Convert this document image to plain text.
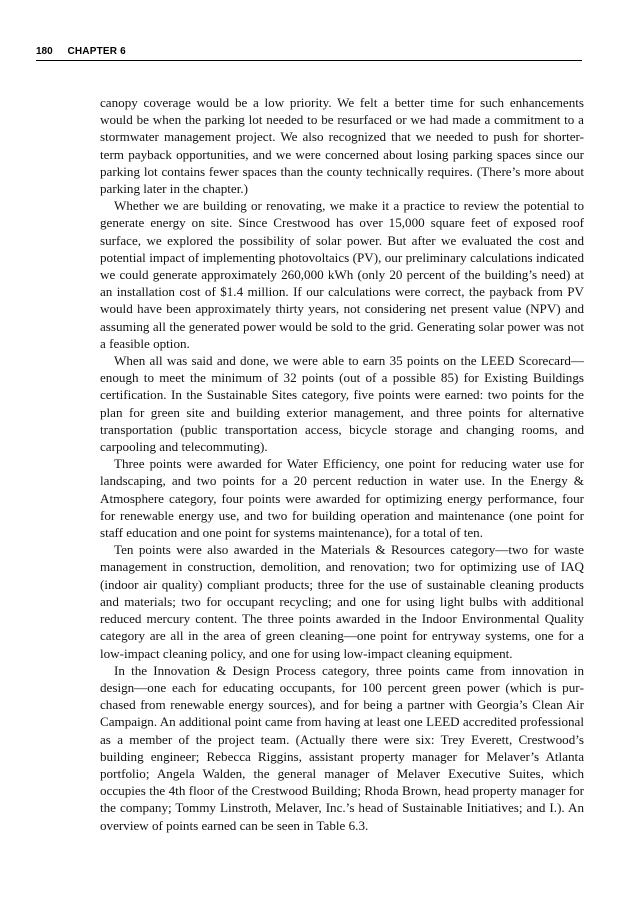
180 CHAPTER 6

canopy coverage would be a low priority. We felt a better time for such enhancements would be when the parking lot needed to be resurfaced or we had made a commitment to a stormwater management project. We also recognized that we needed to push for shorter-term payback opportunities, and we were concerned about losing parking spaces since our parking lot contains fewer spaces than the county technically requires. (There’s more about parking later in the chapter.)

Whether we are building or renovating, we make it a practice to review the potential to generate energy on site. Since Crestwood has over 15,000 square feet of exposed roof surface, we explored the possibility of solar power. But after we evaluated the cost and potential impact of implementing photovoltaics (PV), our preliminary calculations indicated we could generate approximately 260,000 kWh (only 20 percent of the building’s need) at an installation cost of $1.4 million. If our calculations were correct, the payback from PV would have been approximately thirty years, not considering net present value (NPV) and assuming all the generated power would be sold to the grid. Generating solar power was not a feasible option.

When all was said and done, we were able to earn 35 points on the LEED Scorecard—enough to meet the minimum of 32 points (out of a possible 85) for Existing Buildings certification. In the Sustainable Sites category, five points were earned: two points for the plan for green site and building exterior management, and three points for alternative transportation (public transportation access, bicycle storage and changing rooms, and carpooling and telecommuting).

Three points were awarded for Water Efficiency, one point for reducing water use for landscaping, and two points for a 20 percent reduction in water use. In the Energy & Atmosphere category, four points were awarded for optimizing energy performance, four for renewable energy use, and two for building operation and maintenance (one point for staff education and one point for systems maintenance), for a total of ten.

Ten points were also awarded in the Materials & Resources category—two for waste management in construction, demolition, and renovation; two for optimizing use of IAQ (indoor air quality) compliant products; three for the use of sustainable cleaning products and materials; two for occupant recycling; and one for using light bulbs with additional reduced mercury content. The three points awarded in the Indoor Environmental Quality category are all in the area of green cleaning—one point for entryway systems, one for a low-impact cleaning policy, and one for using low-impact cleaning equipment.

In the Innovation & Design Process category, three points came from innovation in design—one each for educating occupants, for 100 percent green power (which is purchased from renewable energy sources), and for being a partner with Georgia’s Clean Air Campaign. An additional point came from having at least one LEED accredited professional as a member of the project team. (Actually there were six: Trey Everett, Crestwood’s building engineer; Rebecca Riggins, assistant property manager for Melaver’s Atlanta portfolio; Angela Walden, the general manager of Melaver Executive Suites, which occupies the 4th floor of the Crestwood Building; Rhoda Brown, head property manager for the company; Tommy Linstroth, Melaver, Inc.’s head of Sustainable Initiatives; and I.). An overview of points earned can be seen in Table 6.3.
